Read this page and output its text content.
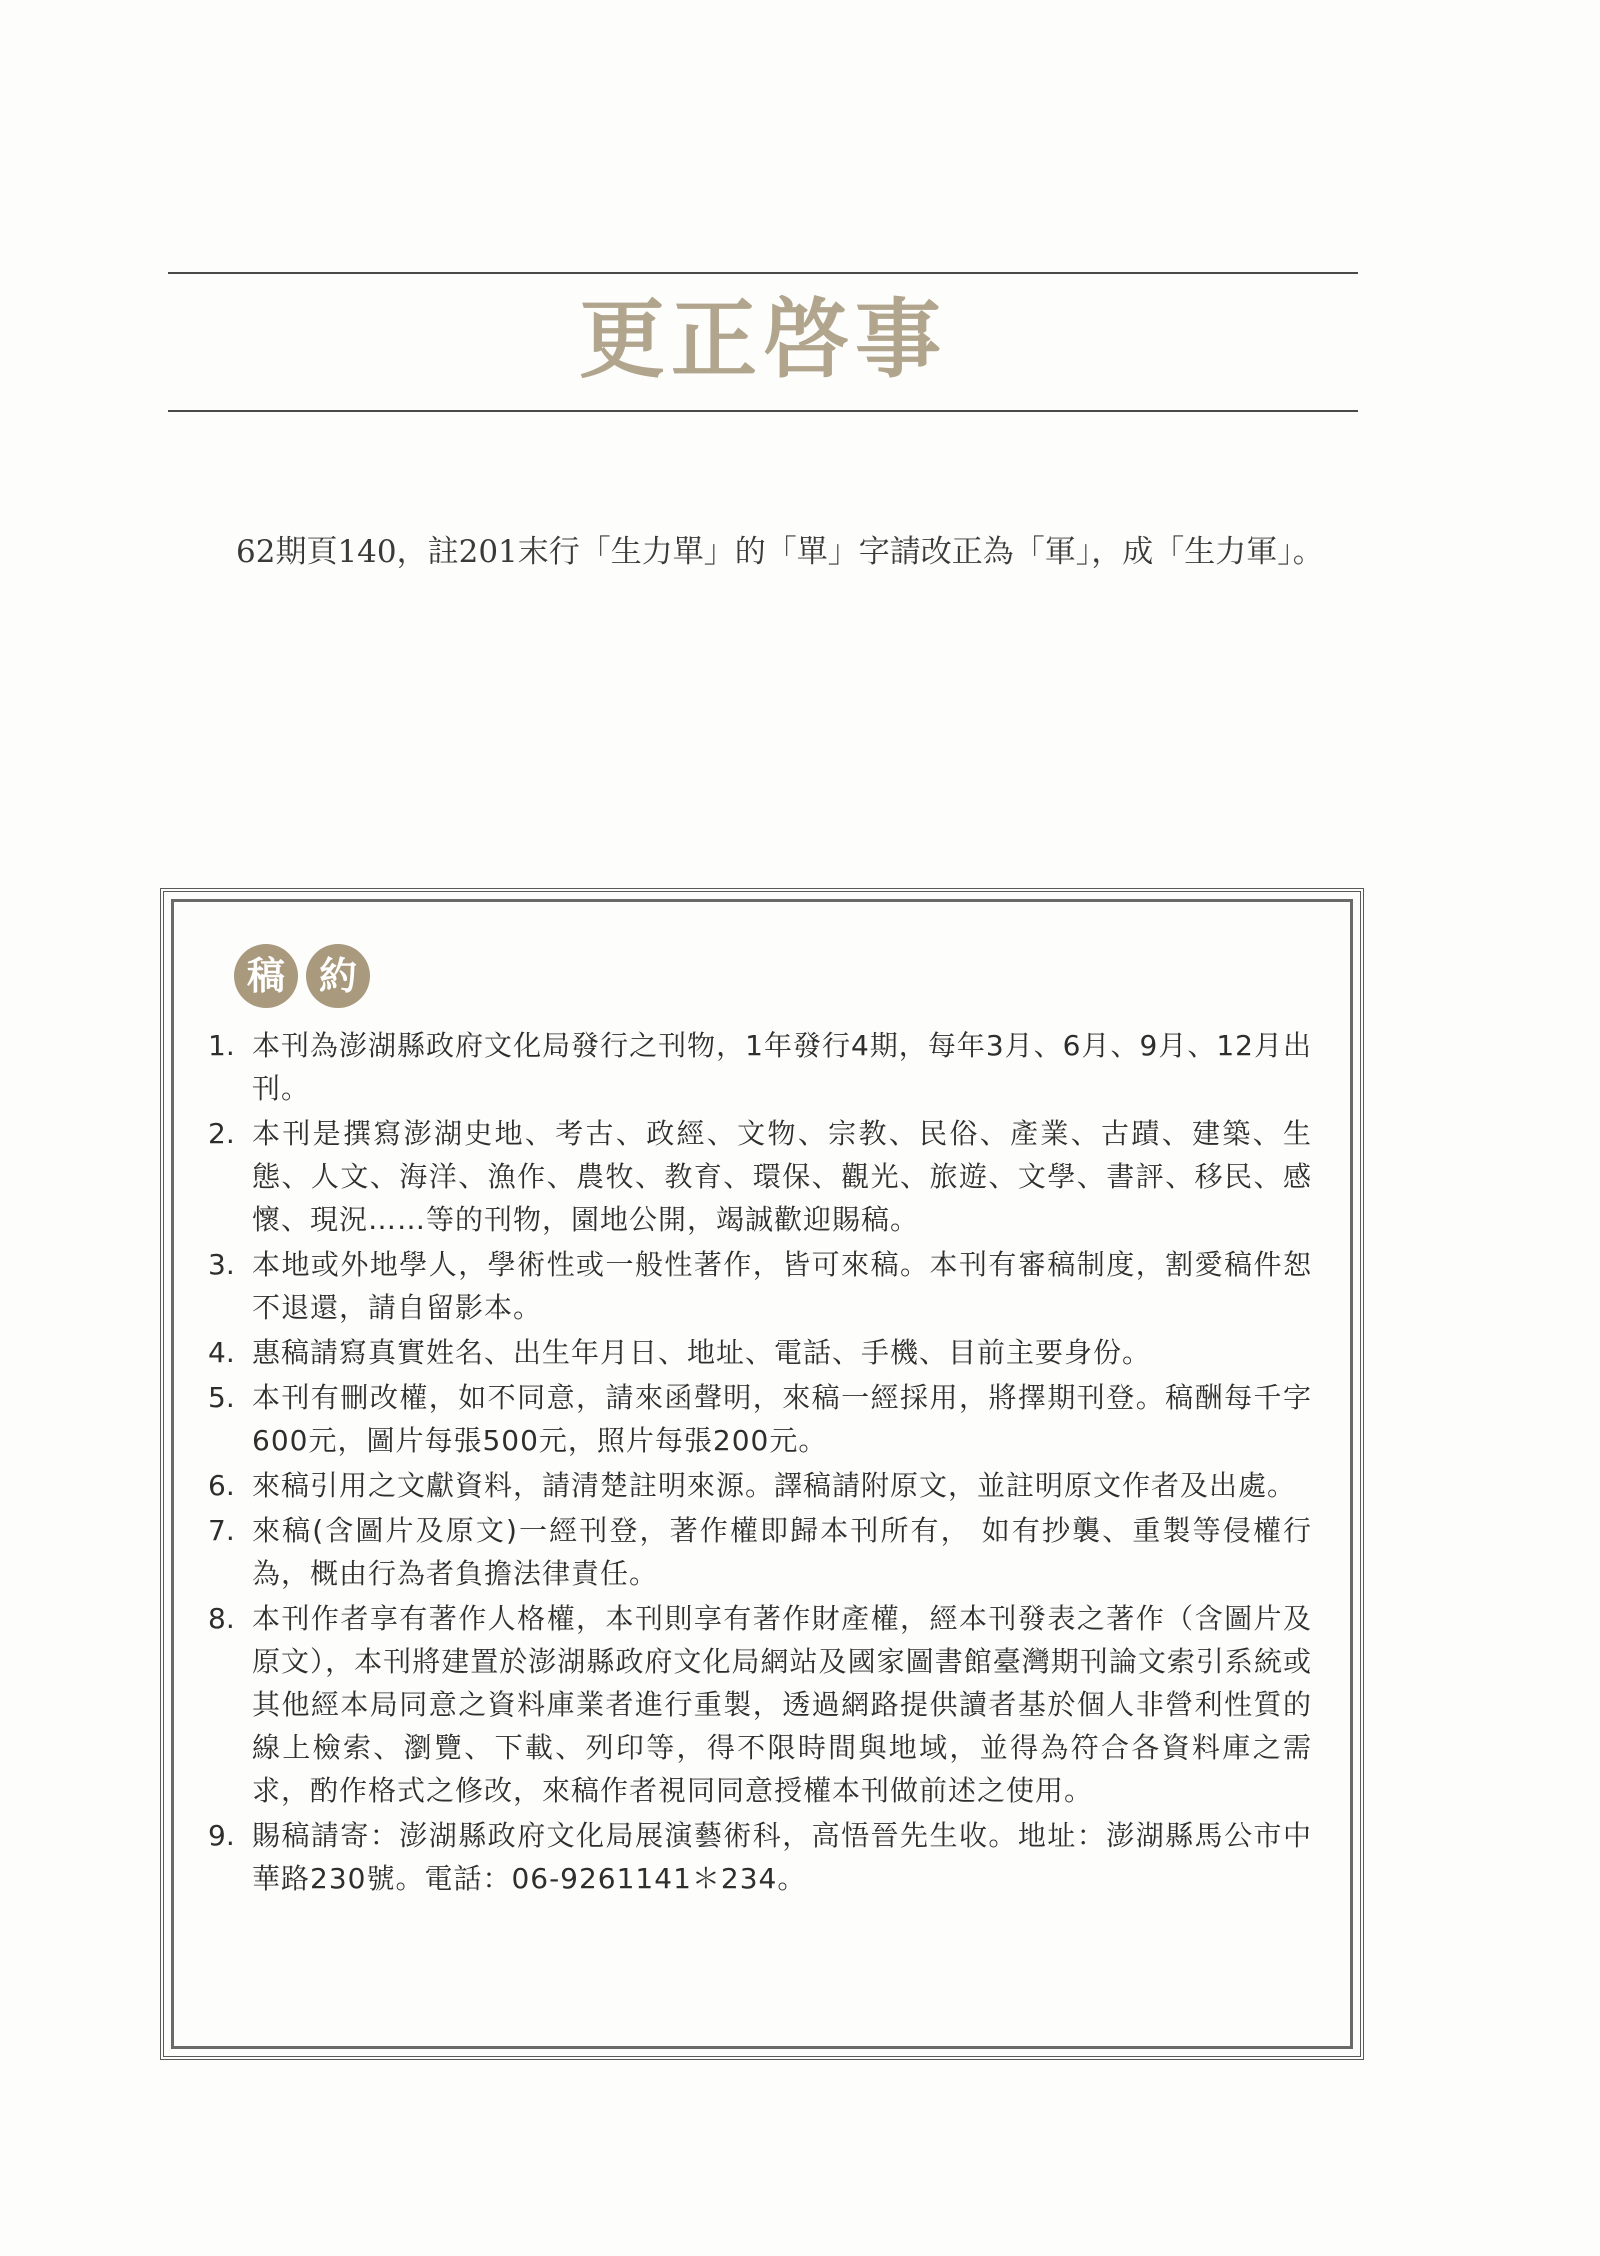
更正啓事

62期頁140，註201末行「生力單」的「單」字請改正為「軍」，成「生力軍」。

稿 約
1. 本刊為澎湖縣政府文化局發行之刊物，1年發行4期，每年3月、6月、9月、12月出刊。
2. 本刊是撰寫澎湖史地、考古、政經、文物、宗教、民俗、產業、古蹟、建築、生態、人文、海洋、漁作、農牧、教育、環保、觀光、旅遊、文學、書評、移民、感懷、現況……等的刊物，園地公開，竭誠歡迎賜稿。
3. 本地或外地學人，學術性或一般性著作，皆可來稿。本刊有審稿制度，割愛稿件恕不退還，請自留影本。
4. 惠稿請寫真實姓名、出生年月日、地址、電話、手機、目前主要身份。
5. 本刊有刪改權，如不同意，請來函聲明，來稿一經採用，將擇期刊登。稿酬每千字600元，圖片每張500元，照片每張200元。
6. 來稿引用之文獻資料，請清楚註明來源。譯稿請附原文，並註明原文作者及出處。
7. 來稿(含圖片及原文)一經刊登，著作權即歸本刊所有， 如有抄襲、重製等侵權行為，概由行為者負擔法律責任。
8. 本刊作者享有著作人格權，本刊則享有著作財產權，經本刊發表之著作（含圖片及原文），本刊將建置於澎湖縣政府文化局網站及國家圖書館臺灣期刊論文索引系統或其他經本局同意之資料庫業者進行重製，透過網路提供讀者基於個人非營利性質的線上檢索、瀏覽、下載、列印等，得不限時間與地域，並得為符合各資料庫之需求，酌作格式之修改，來稿作者視同同意授權本刊做前述之使用。
9. 賜稿請寄：澎湖縣政府文化局展演藝術科，高悟晉先生收。地址：澎湖縣馬公市中華路230號。電話：06-9261141＊234。
